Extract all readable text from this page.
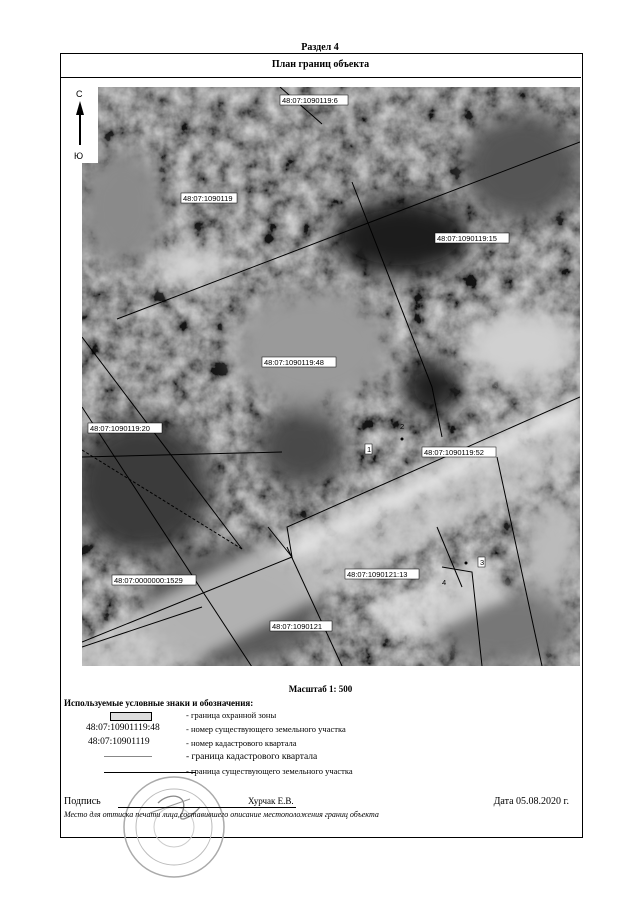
Раздел 4
План границ объекта
48:07:1090119:6
48:07:1090119
48:07:1090119:15
48:07:1090119:48
48:07:1090119:20
48:07:1090119:52
48:07:0000000:1529
48:07:1090121:13
48:07:1090121
1
2
3
4
С
Ю
Масштаб 1: 500
Используемые условные знаки и обозначения:
- граница охранной зоны
48:07:10901119:48	- номер существующего земельного участка
48:07:10901119	- номер кадастрового квартала
- граница кадастрового квартала
- граница существующего земельного участка
Подпись	Хурчак Е.В.	Дата 05.08.2020 г.
Место для оттиска печати лица,составившего описание местоположения границ объекта
